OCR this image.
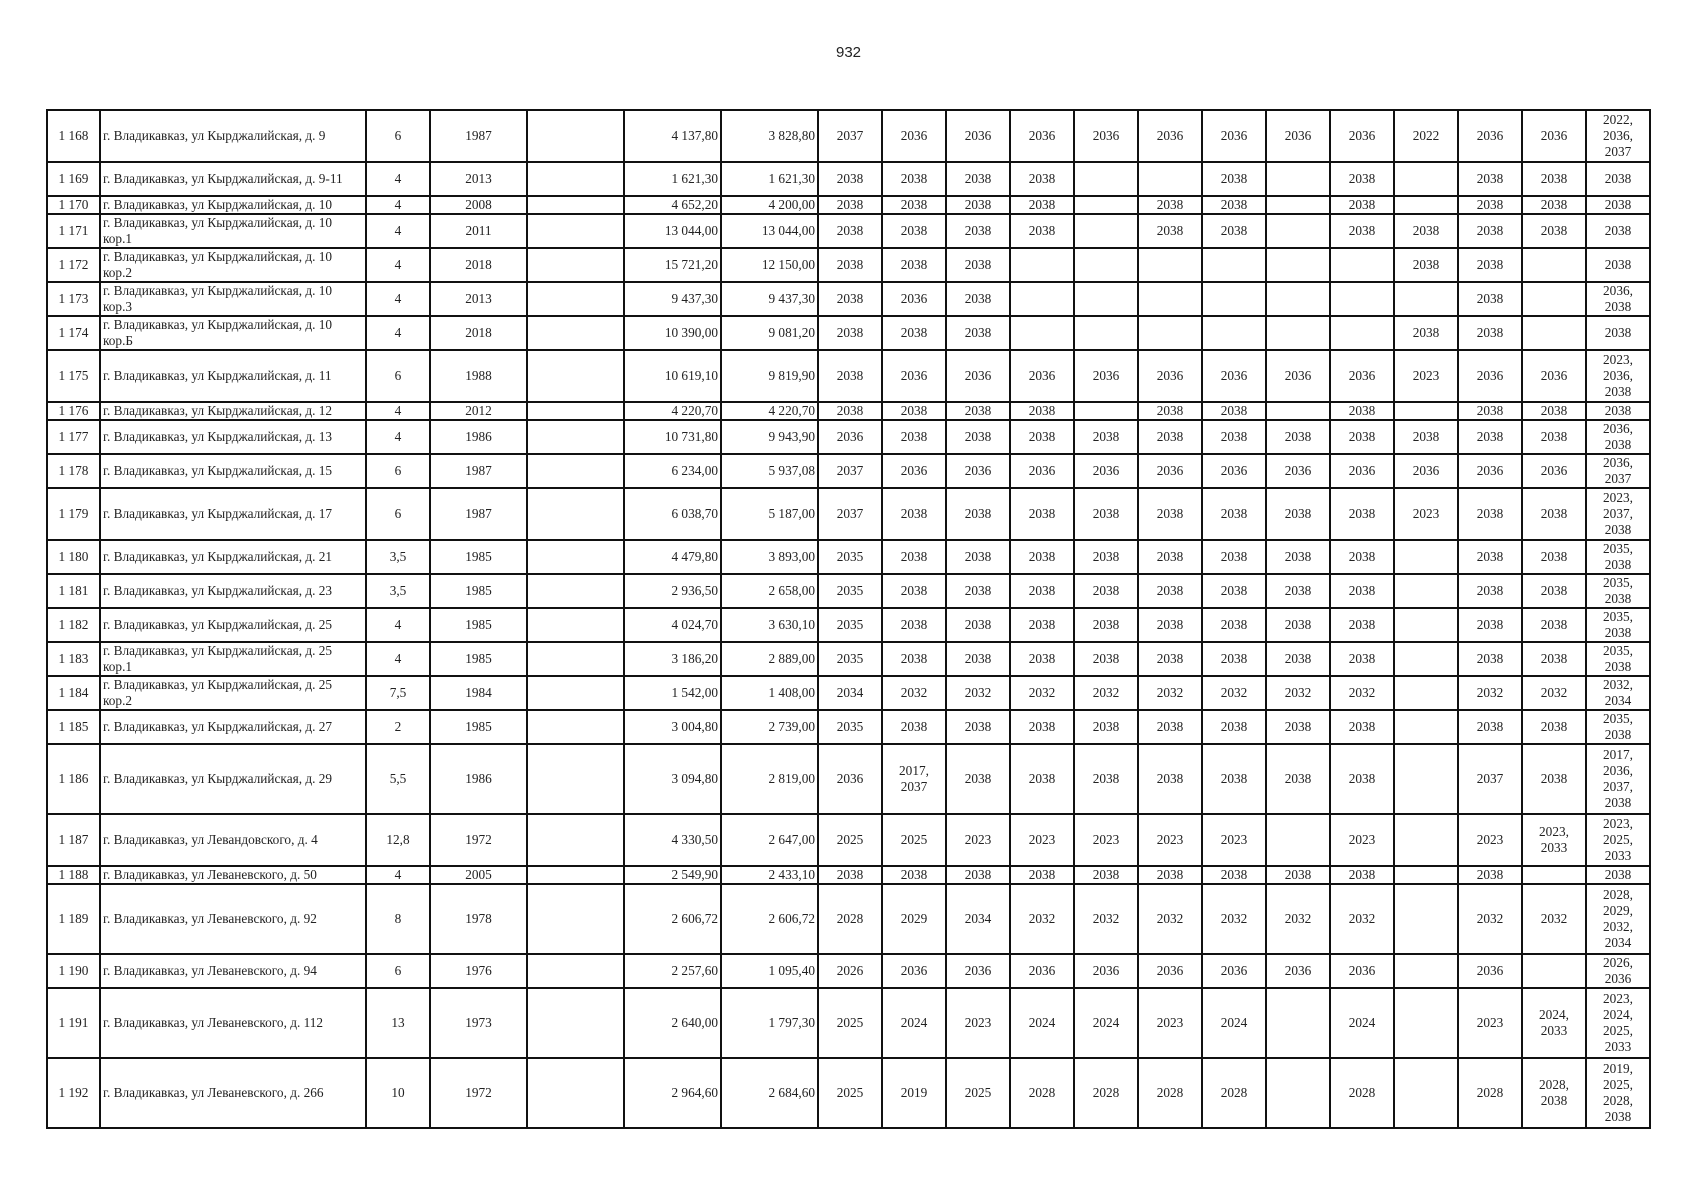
932
1 168	г. Владикавказ, ул Кырджалийская, д. 9	6	1987		4 137,80	3 828,80	2037	2036	2036	2036	2036	2036	2036	2036	2036	2022	2036	2036	2022, 2036, 2037
1 169	г. Владикавказ, ул Кырджалийская, д. 9-11	4	2013		1 621,30	1 621,30	2038	2038	2038	2038			2038		2038		2038	2038	2038
1 170	г. Владикавказ, ул Кырджалийская, д. 10	4	2008		4 652,20	4 200,00	2038	2038	2038	2038		2038	2038		2038		2038	2038	2038
1 171	г. Владикавказ, ул Кырджалийская, д. 10 кор.1	4	2011		13 044,00	13 044,00	2038	2038	2038	2038		2038	2038		2038	2038	2038	2038	2038
1 172	г. Владикавказ, ул Кырджалийская, д. 10 кор.2	4	2018		15 721,20	12 150,00	2038	2038	2038							2038	2038		2038
1 173	г. Владикавказ, ул Кырджалийская, д. 10 кор.3	4	2013		9 437,30	9 437,30	2038	2036	2038								2038		2036, 2038
1 174	г. Владикавказ, ул Кырджалийская, д. 10 кор.Б	4	2018		10 390,00	9 081,20	2038	2038	2038							2038	2038		2038
1 175	г. Владикавказ, ул Кырджалийская, д. 11	6	1988		10 619,10	9 819,90	2038	2036	2036	2036	2036	2036	2036	2036	2036	2023	2036	2036	2023, 2036, 2038
1 176	г. Владикавказ, ул Кырджалийская, д. 12	4	2012		4 220,70	4 220,70	2038	2038	2038	2038		2038	2038		2038		2038	2038	2038
1 177	г. Владикавказ, ул Кырджалийская, д. 13	4	1986		10 731,80	9 943,90	2036	2038	2038	2038	2038	2038	2038	2038	2038	2038	2038	2038	2036, 2038
1 178	г. Владикавказ, ул Кырджалийская, д. 15	6	1987		6 234,00	5 937,08	2037	2036	2036	2036	2036	2036	2036	2036	2036	2036	2036	2036	2036, 2037
1 179	г. Владикавказ, ул Кырджалийская, д. 17	6	1987		6 038,70	5 187,00	2037	2038	2038	2038	2038	2038	2038	2038	2038	2023	2038	2038	2023, 2037, 2038
1 180	г. Владикавказ, ул Кырджалийская, д. 21	3,5	1985		4 479,80	3 893,00	2035	2038	2038	2038	2038	2038	2038	2038	2038		2038	2038	2035, 2038
1 181	г. Владикавказ, ул Кырджалийская, д. 23	3,5	1985		2 936,50	2 658,00	2035	2038	2038	2038	2038	2038	2038	2038	2038		2038	2038	2035, 2038
1 182	г. Владикавказ, ул Кырджалийская, д. 25	4	1985		4 024,70	3 630,10	2035	2038	2038	2038	2038	2038	2038	2038	2038		2038	2038	2035, 2038
1 183	г. Владикавказ, ул Кырджалийская, д. 25 кор.1	4	1985		3 186,20	2 889,00	2035	2038	2038	2038	2038	2038	2038	2038	2038		2038	2038	2035, 2038
1 184	г. Владикавказ, ул Кырджалийская, д. 25 кор.2	7,5	1984		1 542,00	1 408,00	2034	2032	2032	2032	2032	2032	2032	2032	2032		2032	2032	2032, 2034
1 185	г. Владикавказ, ул Кырджалийская, д. 27	2	1985		3 004,80	2 739,00	2035	2038	2038	2038	2038	2038	2038	2038	2038		2038	2038	2035, 2038
1 186	г. Владикавказ, ул Кырджалийская, д. 29	5,5	1986		3 094,80	2 819,00	2036	2017, 2037	2038	2038	2038	2038	2038	2038	2038		2037	2038	2017, 2036, 2037, 2038
1 187	г. Владикавказ, ул Левандовского, д. 4	12,8	1972		4 330,50	2 647,00	2025	2025	2023	2023	2023	2023	2023		2023		2023	2023, 2033	2023, 2025, 2033
1 188	г. Владикавказ, ул Леваневского, д. 50	4	2005		2 549,90	2 433,10	2038	2038	2038	2038	2038	2038	2038	2038	2038		2038		2038
1 189	г. Владикавказ, ул Леваневского, д. 92	8	1978		2 606,72	2 606,72	2028	2029	2034	2032	2032	2032	2032	2032	2032		2032	2032	2028, 2029, 2032, 2034
1 190	г. Владикавказ, ул Леваневского, д. 94	6	1976		2 257,60	1 095,40	2026	2036	2036	2036	2036	2036	2036	2036	2036		2036		2026, 2036
1 191	г. Владикавказ, ул Леваневского, д. 112	13	1973		2 640,00	1 797,30	2025	2024	2023	2024	2024	2023	2024		2024		2023	2024, 2033	2023, 2024, 2025, 2033
1 192	г. Владикавказ, ул Леваневского, д. 266	10	1972		2 964,60	2 684,60	2025	2019	2025	2028	2028	2028	2028		2028		2028	2028, 2038	2019, 2025, 2028, 2038
